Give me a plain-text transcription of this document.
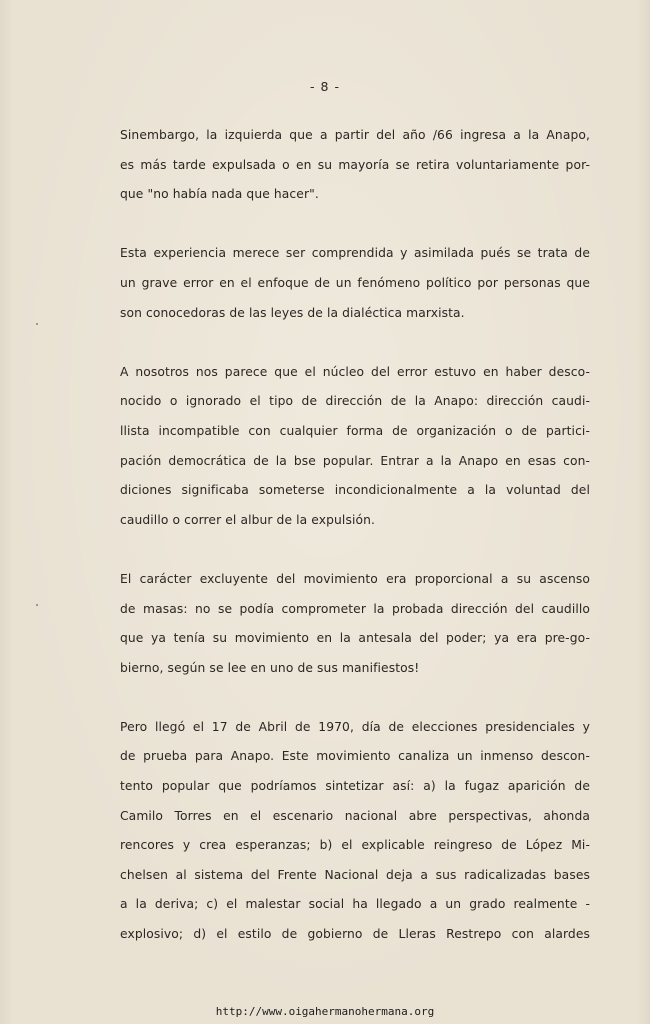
- 8 -
Sinembargo, la izquierda que a partir del año /66 ingresa a la Anapo,
es más tarde expulsada o en su mayoría se retira voluntariamente por-
que "no había nada que hacer".
Esta experiencia merece ser comprendida y asimilada pués se trata de
un grave error en el enfoque de un fenómeno político por personas que
son conocedoras de las leyes de la dialéctica marxista.
A nosotros nos parece que el núcleo del error estuvo en haber desco-
nocido o ignorado el tipo de dirección de la Anapo: dirección caudi-
llista incompatible con cualquier forma de organización o de partici-
pación democrática de la bse popular. Entrar a la Anapo en esas con-
diciones significaba someterse incondicionalmente a la voluntad del
caudillo o correr el albur de la expulsión.
El carácter excluyente del movimiento era proporcional a su ascenso
de masas: no se podía comprometer la probada dirección del caudillo
que ya tenía su movimiento en la antesala del poder; ya era pre-go-
bierno, según se lee en uno de sus manifiestos!
Pero llegó el 17 de Abril de 1970, día de elecciones presidenciales y
de prueba para Anapo. Este movimiento canaliza un inmenso descon-
tento popular que podríamos sintetizar así: a) la fugaz aparición de
Camilo Torres en el escenario nacional abre perspectivas, ahonda
rencores y crea esperanzas; b) el explicable reingreso de López Mi-
chelsen al sistema del Frente Nacional deja a sus radicalizadas bases
a la deriva; c) el malestar social ha llegado a un grado realmente -
explosivo; d) el estilo de gobierno de Lleras Restrepo con alardes
http://www.oigahermanohermana.org
